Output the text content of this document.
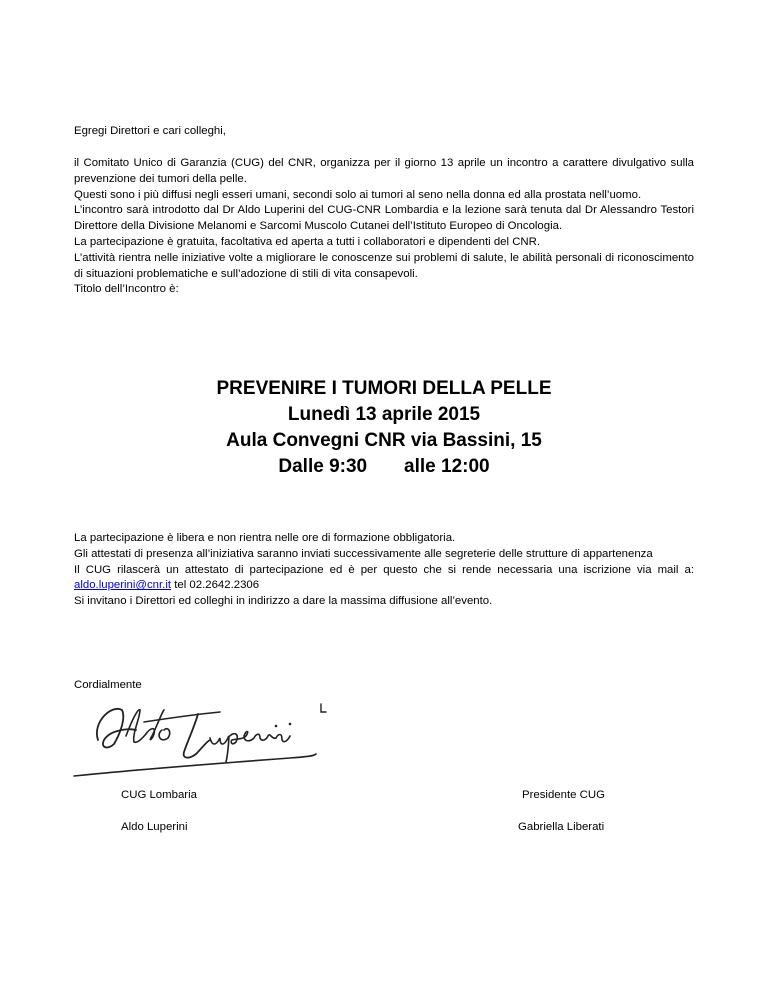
Egregi Direttori e cari colleghi,

il Comitato Unico di Garanzia (CUG) del CNR, organizza per il giorno 13 aprile un incontro a carattere divulgativo sulla prevenzione dei tumori della pelle.

Questi sono i più diffusi negli esseri umani, secondi solo ai tumori al seno nella donna ed alla prostata nell’uomo.

L’incontro sarà introdotto dal Dr Aldo Luperini del CUG-CNR Lombardia e la lezione sarà tenuta dal Dr Alessandro Testori Direttore della Divisione Melanomi e Sarcomi Muscolo Cutanei dell’Istituto Europeo di Oncologia.

La partecipazione è gratuita, facoltativa ed aperta a tutti i collaboratori e dipendenti del CNR.

L’attività rientra nelle iniziative volte a migliorare le conoscenze sui problemi di salute, le abilità personali di riconoscimento di situazioni problematiche e sull’adozione di stili di vita consapevoli.

Titolo dell’Incontro è:

PREVENIRE I TUMORI DELLA PELLE
Lunedì 13 aprile 2015
Aula Convegni CNR via Bassini, 15
Dalle 9:30       alle 12:00

La partecipazione è libera e non rientra nelle ore di formazione obbligatoria.

Gli attestati di presenza all’iniziativa saranno inviati successivamente alle segreterie delle strutture di appartenenza

Il CUG rilascerà un attestato di partecipazione ed è per questo che si rende necessaria una iscrizione via mail a: aldo.luperini@cnr.it tel 02.2642.2306

Si invitano i Direttori ed colleghi in indirizzo a dare la massima diffusione all’evento.

Cordialmente
CUG Lombaria
Aldo Luperini
Presidente CUG
Gabriella Liberati
